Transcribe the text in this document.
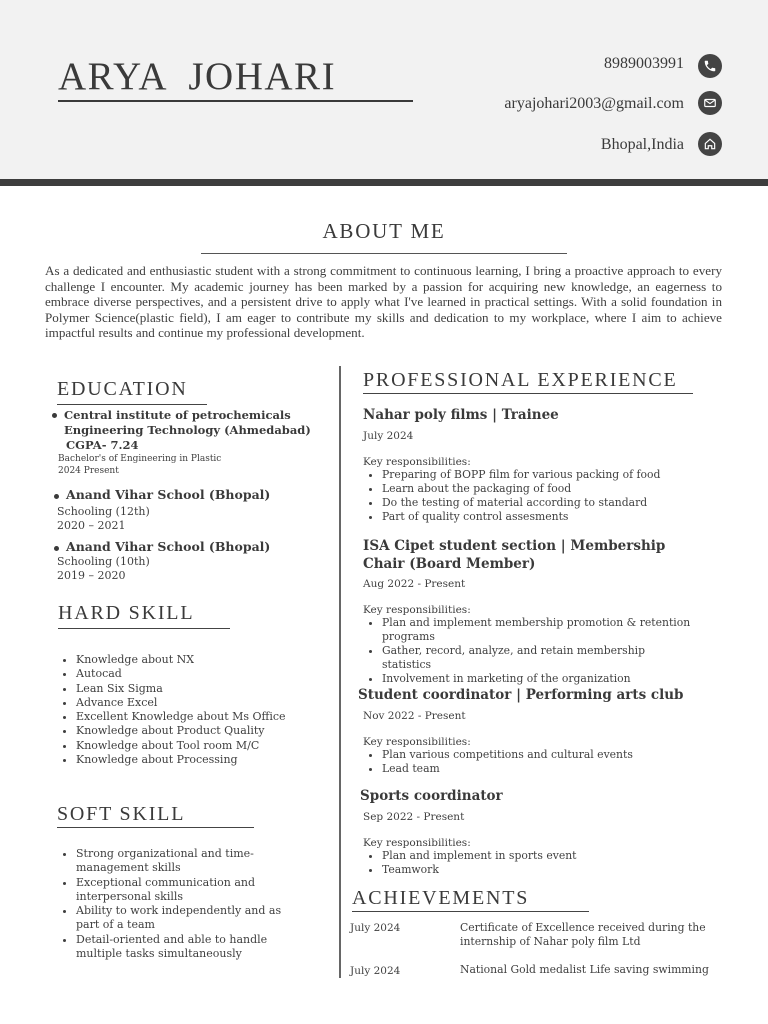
ARYA  JOHARI	8989003991
aryajohari2003@gmail.com
Bhopal,India
ABOUT ME
As a dedicated and enthusiastic student with a strong commitment to continuous learning, I bring a proactive approach to every challenge I encounter. My academic journey has been marked by a passion for acquiring new knowledge, an eagerness to embrace diverse perspectives, and a persistent drive to apply what I've learned in practical settings. With a solid foundation in Polymer Science(plastic field), I am eager to contribute my skills and dedication to my workplace, where I aim to achieve impactful results and continue my professional development.
EDUCATION
Central institute of petrochemicals Engineering Technology (Ahmedabad)
CGPA- 7.24
Bachelor's of Engineering in Plastic
2024 Present
Anand Vihar School (Bhopal)
Schooling (12th)
2020 – 2021
Anand Vihar School (Bhopal)
Schooling (10th)
2019 – 2020
HARD SKILL
• Knowledge about NX
• Autocad
• Lean Six Sigma
• Advance Excel
• Excellent Knowledge about Ms Office
• Knowledge about Product Quality
• Knowledge about Tool room M/C
• Knowledge about Processing
SOFT SKILL
• Strong organizational and time-management skills
• Exceptional communication and interpersonal skills
• Ability to work independently and as part of a team
• Detail-oriented and able to handle multiple tasks simultaneously
PROFESSIONAL EXPERIENCE
Nahar poly films | Trainee
July 2024
Key responsibilities:
• Preparing of BOPP film for various packing of food
• Learn about the packaging of food
• Do the testing of material according to standard
• Part of quality control assesments
ISA Cipet student section | Membership Chair (Board Member)
Aug 2022 - Present
Key responsibilities:
• Plan and implement membership promotion & retention programs
• Gather, record, analyze, and retain membership statistics
• Involvement in marketing of the organization
Student coordinator | Performing arts club
Nov 2022 - Present
Key responsibilities:
• Plan various competitions and cultural events
• Lead team
Sports coordinator
Sep 2022 - Present
Key responsibilities:
• Plan and implement in sports event
• Teamwork
ACHIEVEMENTS
July 2024	Certificate of Excellence received during the internship of Nahar poly film Ltd
July 2024	National Gold medalist Life saving swimming
